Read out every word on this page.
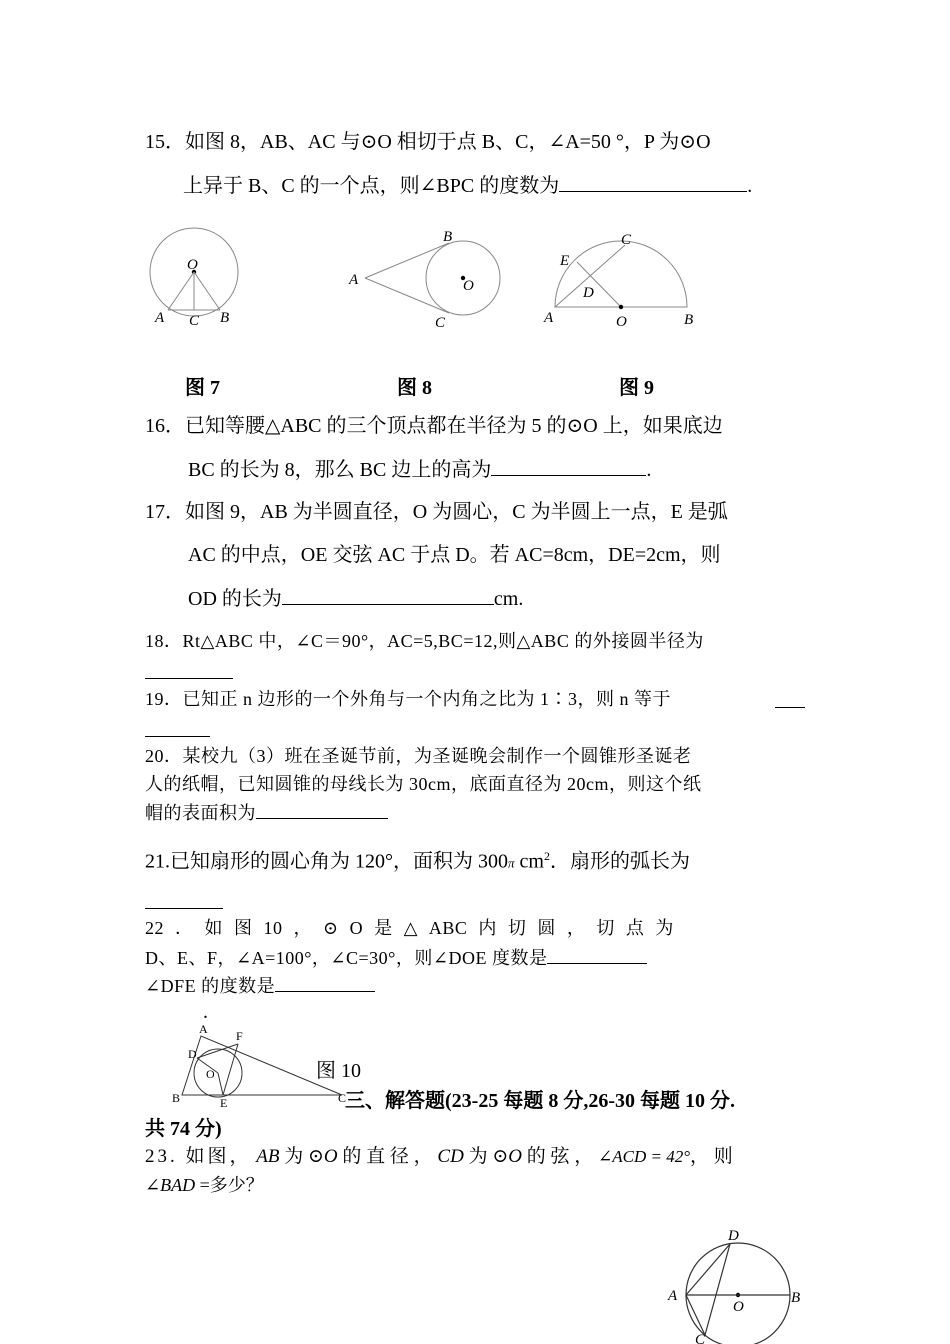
15．如图 8，AB、AC 与⊙O 相切于点 B、C，∠A=50 °，P 为⊙O
上异于 B、C 的一个点，则∠BPC 的度数为	.
O
A C B
图 7
B
A	O
C
图 8
C
E
D
A	O	B
图 9
16．已知等腰△ABC 的三个顶点都在半径为 5 的⊙O 上，如果底边
BC 的长为 8，那么 BC 边上的高为	.
17．如图 9，AB 为半圆直径，O 为圆心，C 为半圆上一点，E 是弧
AC 的中点，OE 交弦 AC 于点 D。若 AC=8cm，DE=2cm，则
OD 的长为	cm.
18．Rt△ABC 中，∠C＝90°，AC=5,BC=12,则△ABC 的外接圆半径为
19．已知正 n 边形的一个外角与一个内角之比为 1∶3，则 n 等于
20．某校九（3）班在圣诞节前，为圣诞晚会制作一个圆锥形圣诞老
人的纸帽，已知圆锥的母线长为 30cm，底面直径为 20cm，则这个纸
帽的表面积为
21.已知扇形的圆心角为 120°，面积为 300π $cm^2$．扇形的弧长为
22 ． 如 图 10 ， ⊙ O 是 △ ABC 内 切 圆 ， 切 点 为
D、E、F，∠A=100°，∠C=30°，则∠DOE 度数是
∠DFE 的度数是
.
A F
D
O
B	E	C
图 10
三、解答题(23-25 每题 8 分,26-30 每题 10 分.
共 74 分)
23. 如图， AB 为 ⊙O 的 直 径 ， CD 为 ⊙O 的 弦 ， ∠ACD = 42°， 则
∠BAD =多少？
D
A
O
B
C
